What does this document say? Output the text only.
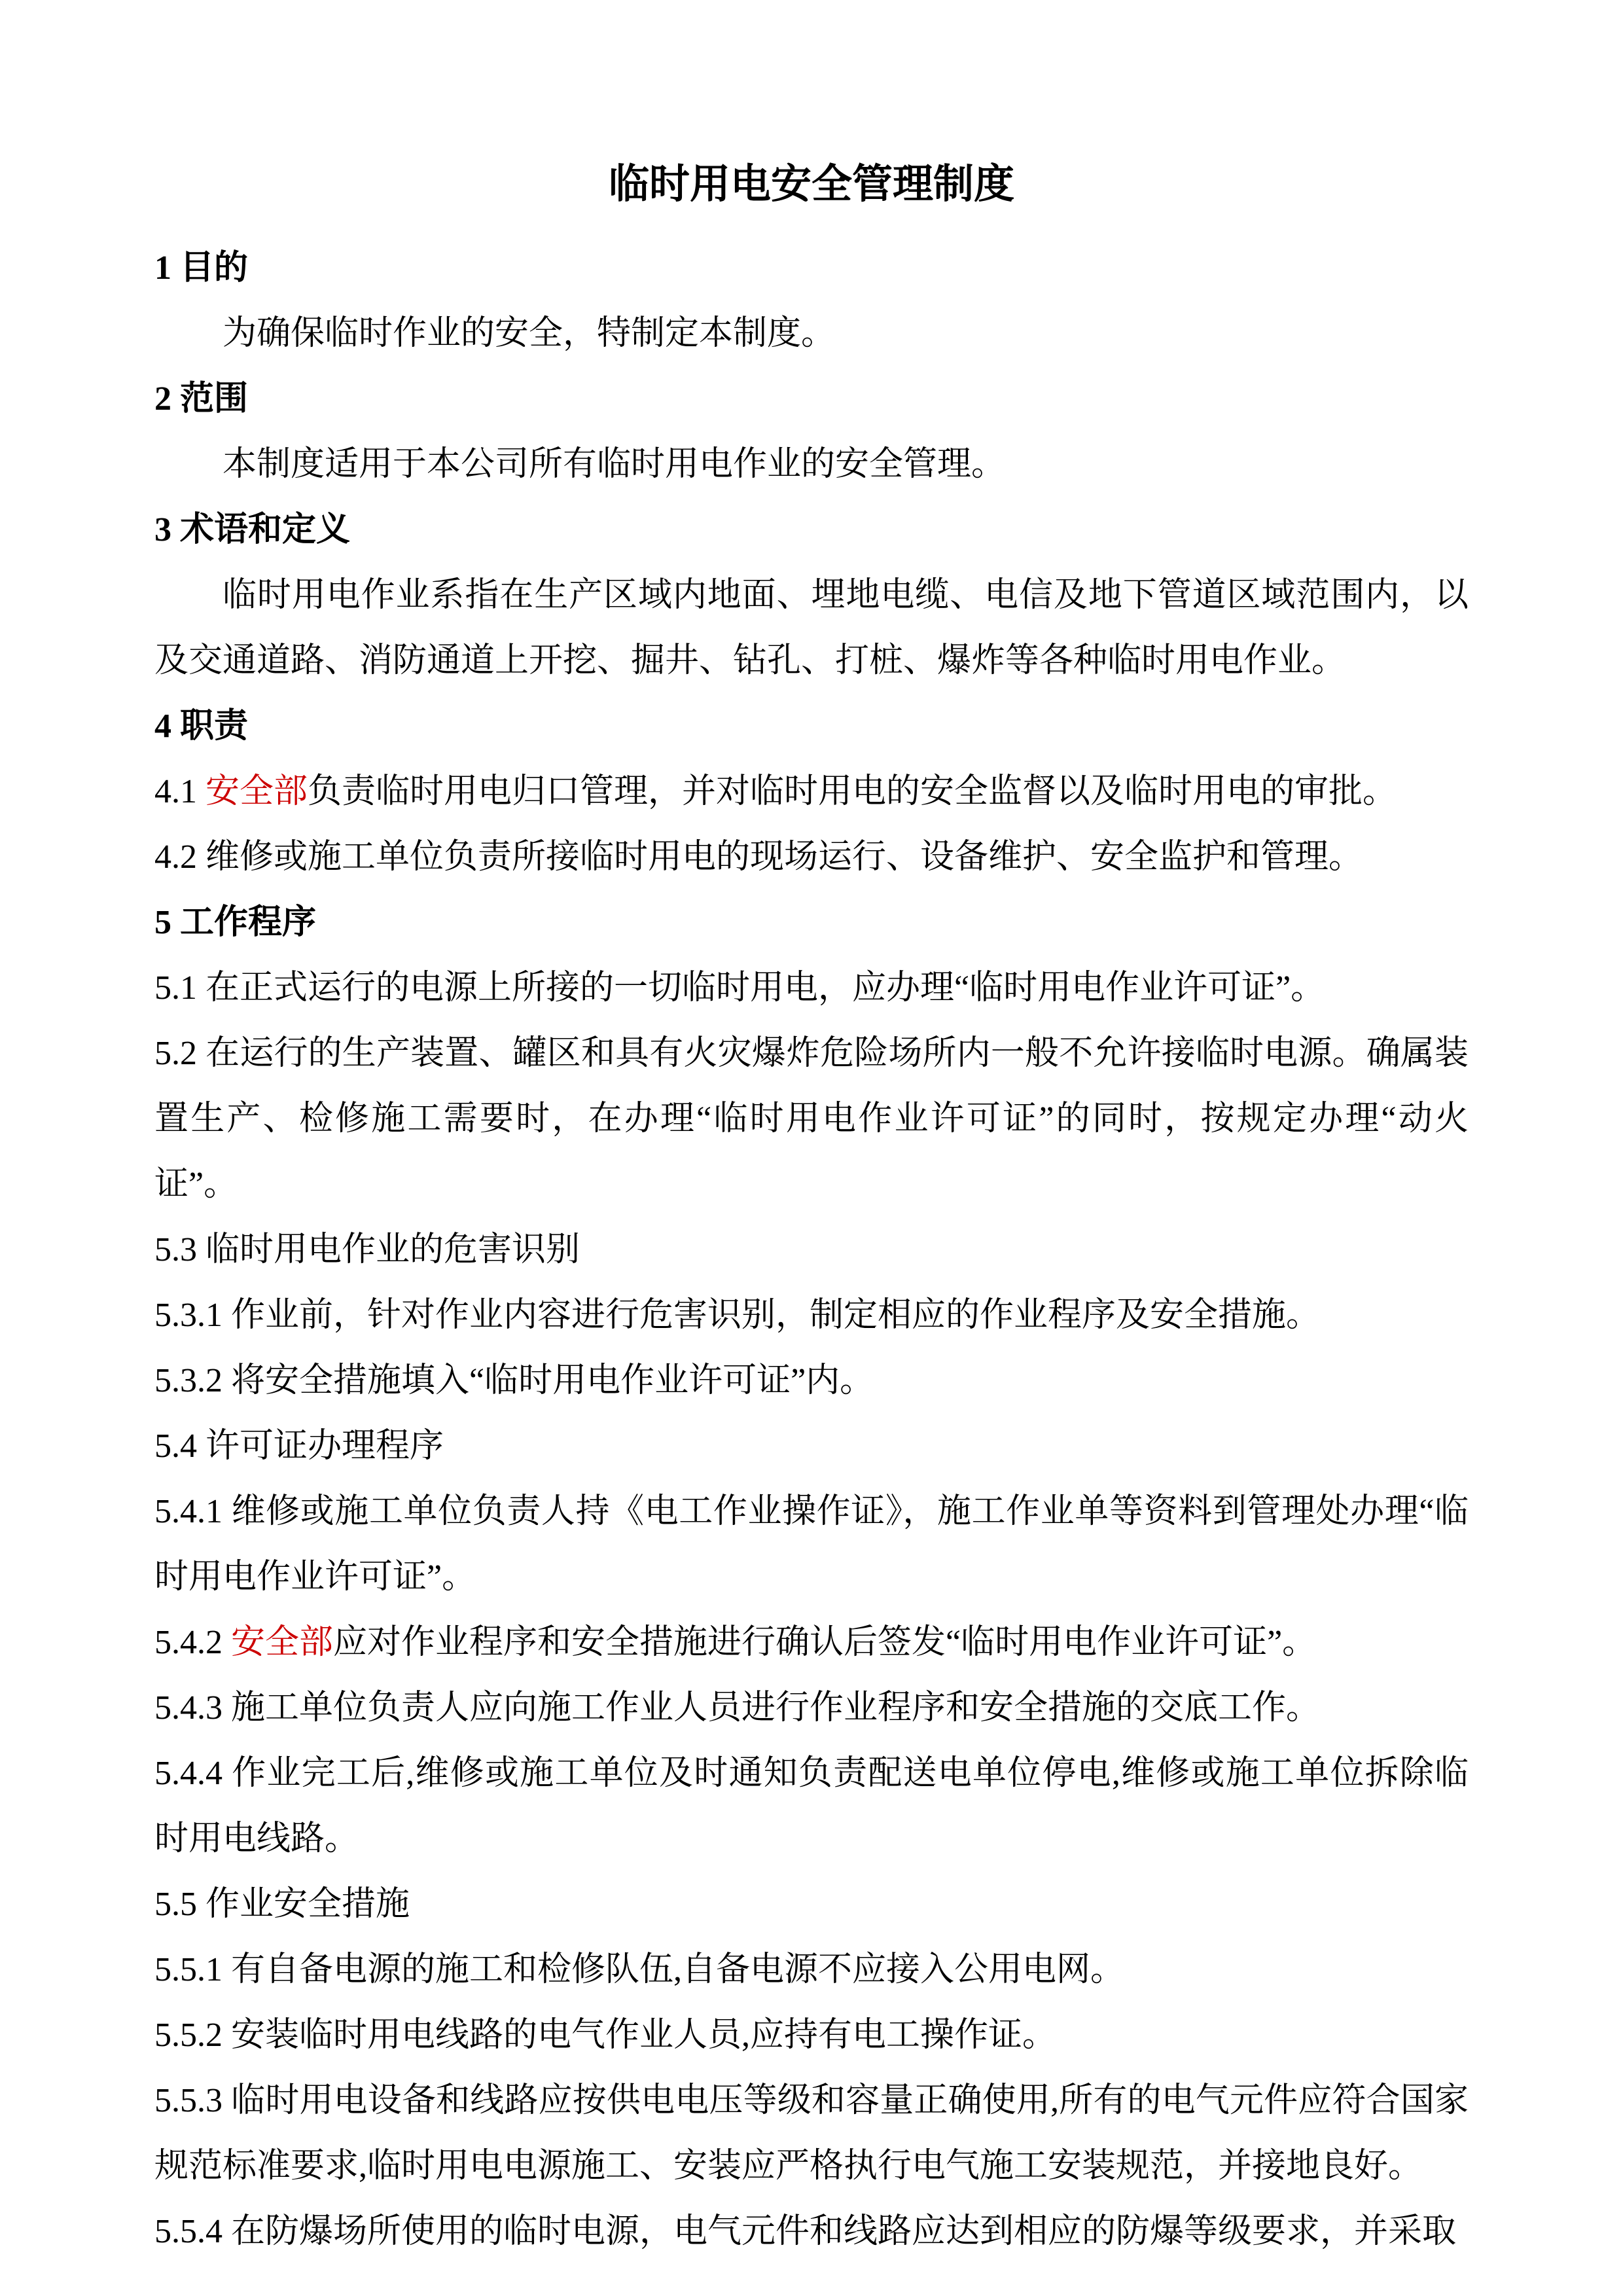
临时用电安全管理制度
1 目的
为确保临时作业的安全，特制定本制度。
2 范围
本制度适用于本公司所有临时用电作业的安全管理。
3 术语和定义
临时用电作业系指在生产区域内地面、埋地电缆、电信及地下管道区域范围内，以及交通道路、消防通道上开挖、掘井、钻孔、打桩、爆炸等各种临时用电作业。
4 职责
4.1 安全部负责临时用电归口管理，并对临时用电的安全监督以及临时用电的审批。
4.2 维修或施工单位负责所接临时用电的现场运行、设备维护、安全监护和管理。
5 工作程序
5.1 在正式运行的电源上所接的一切临时用电，应办理“临时用电作业许可证”。
5.2 在运行的生产装置、罐区和具有火灾爆炸危险场所内一般不允许接临时电源。确属装置生产、检修施工需要时，在办理“临时用电作业许可证”的同时，按规定办理“动火证”。
5.3 临时用电作业的危害识别
5.3.1 作业前，针对作业内容进行危害识别，制定相应的作业程序及安全措施。
5.3.2 将安全措施填入“临时用电作业许可证”内。
5.4 许可证办理程序
5.4.1 维修或施工单位负责人持《电工作业操作证》，施工作业单等资料到管理处办理“临时用电作业许可证”。
5.4.2 安全部应对作业程序和安全措施进行确认后签发“临时用电作业许可证”。
5.4.3 施工单位负责人应向施工作业人员进行作业程序和安全措施的交底工作。
5.4.4 作业完工后,维修或施工单位及时通知负责配送电单位停电,维修或施工单位拆除临时用电线路。
5.5 作业安全措施
5.5.1 有自备电源的施工和检修队伍,自备电源不应接入公用电网。
5.5.2 安装临时用电线路的电气作业人员,应持有电工操作证。
5.5.3 临时用电设备和线路应按供电电压等级和容量正确使用,所有的电气元件应符合国家规范标准要求,临时用电电源施工、安装应严格执行电气施工安装规范，并接地良好。
5.5.4 在防爆场所使用的临时电源，电气元件和线路应达到相应的防爆等级要求，并采取
